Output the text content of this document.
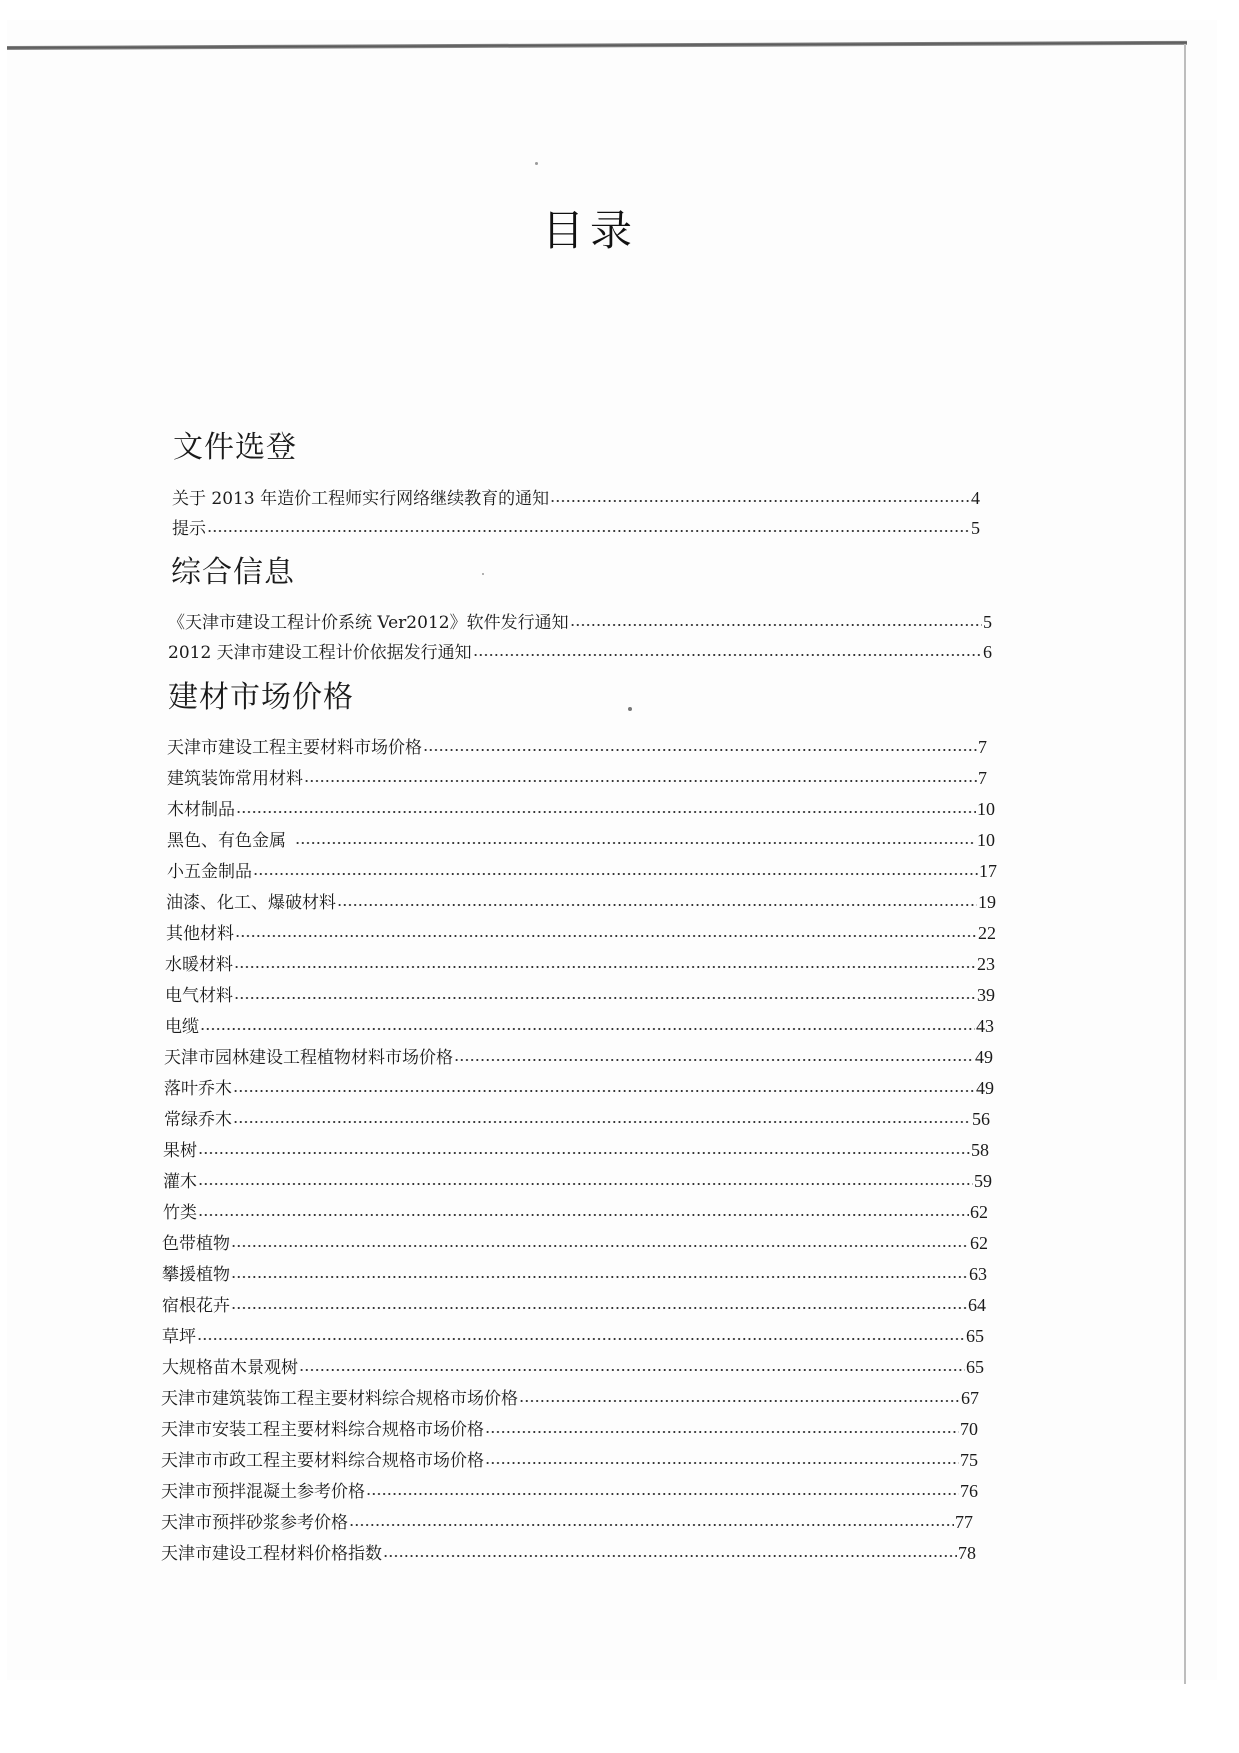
目录
文件选登
关于 2013 年造价工程师实行网络继续教育的通知	4
提示	5
综合信息
《天津市建设工程计价系统 Ver2012》软件发行通知	5
2012 天津市建设工程计价依据发行通知	6
建材市场价格
天津市建设工程主要材料市场价格	7
建筑装饰常用材料	7
木材制品	10
黑色、有色金属	10
小五金制品	17
油漆、化工、爆破材料	19
其他材料	22
水暖材料	23
电气材料	39
电缆	43
天津市园林建设工程植物材料市场价格	49
落叶乔木	49
常绿乔木	56
果树	58
灌木	59
竹类	62
色带植物	62
攀援植物	63
宿根花卉	64
草坪	65
大规格苗木景观树	65
天津市建筑装饰工程主要材料综合规格市场价格	67
天津市安装工程主要材料综合规格市场价格	70
天津市市政工程主要材料综合规格市场价格	75
天津市预拌混凝土参考价格	76
天津市预拌砂浆参考价格	77
天津市建设工程材料价格指数	78
